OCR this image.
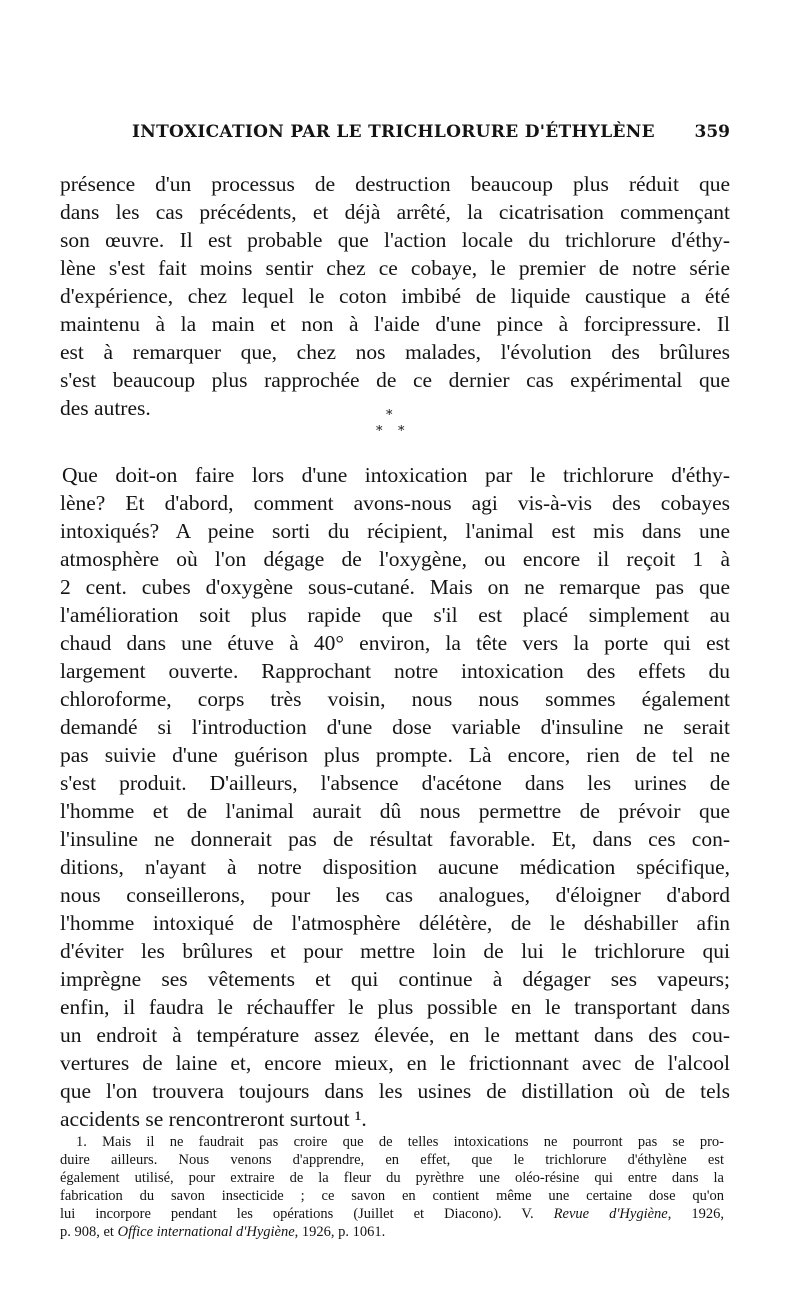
INTOXICATION PAR LE TRICHLORURE D'ÉTHYLÈNE 359
présence d'un processus de destruction beaucoup plus réduit que
dans les cas précédents, et déjà arrêté, la cicatrisation commençant
son œuvre. Il est probable que l'action locale du trichlorure d'éthy-
lène s'est fait moins sentir chez ce cobaye, le premier de notre série
d'expérience, chez lequel le coton imbibé de liquide caustique a été
maintenu à la main et non à l'aide d'une pince à forcipressure. Il
est à remarquer que, chez nos malades, l'évolution des brûlures
s'est beaucoup plus rapprochée de ce dernier cas expérimental que
des autres.	*
* *
Que doit-on faire lors d'une intoxication par le trichlorure d'éthy-
lène? Et d'abord, comment avons-nous agi vis-à-vis des cobayes
intoxiqués? A peine sorti du récipient, l'animal est mis dans une
atmosphère où l'on dégage de l'oxygène, ou encore il reçoit 1 à
2 cent. cubes d'oxygène sous-cutané. Mais on ne remarque pas que
l'amélioration soit plus rapide que s'il est placé simplement au
chaud dans une étuve à 40° environ, la tête vers la porte qui est
largement ouverte. Rapprochant notre intoxication des effets du
chloroforme, corps très voisin, nous nous sommes également
demandé si l'introduction d'une dose variable d'insuline ne serait
pas suivie d'une guérison plus prompte. Là encore, rien de tel ne
s'est produit. D'ailleurs, l'absence d'acétone dans les urines de
l'homme et de l'animal aurait dû nous permettre de prévoir que
l'insuline ne donnerait pas de résultat favorable. Et, dans ces con-
ditions, n'ayant à notre disposition aucune médication spécifique,
nous conseillerons, pour les cas analogues, d'éloigner d'abord
l'homme intoxiqué de l'atmosphère délétère, de le déshabiller afin
d'éviter les brûlures et pour mettre loin de lui le trichlorure qui
imprègne ses vêtements et qui continue à dégager ses vapeurs;
enfin, il faudra le réchauffer le plus possible en le transportant dans
un endroit à température assez élevée, en le mettant dans des cou-
vertures de laine et, encore mieux, en le frictionnant avec de l'alcool
que l'on trouvera toujours dans les usines de distillation où de tels
accidents se rencontreront surtout ¹.
1. Mais il ne faudrait pas croire que de telles intoxications ne pourront pas se pro-
duire ailleurs. Nous venons d'apprendre, en effet, que le trichlorure d'éthylène est
également utilisé, pour extraire de la fleur du pyrèthre une oléo-résine qui entre dans la
fabrication du savon insecticide ; ce savon en contient même une certaine dose qu'on
lui incorpore pendant les opérations (Juillet et Diacono). V. Revue d'Hygiène, 1926,
p. 908, et Office international d'Hygiène, 1926, p. 1061.
